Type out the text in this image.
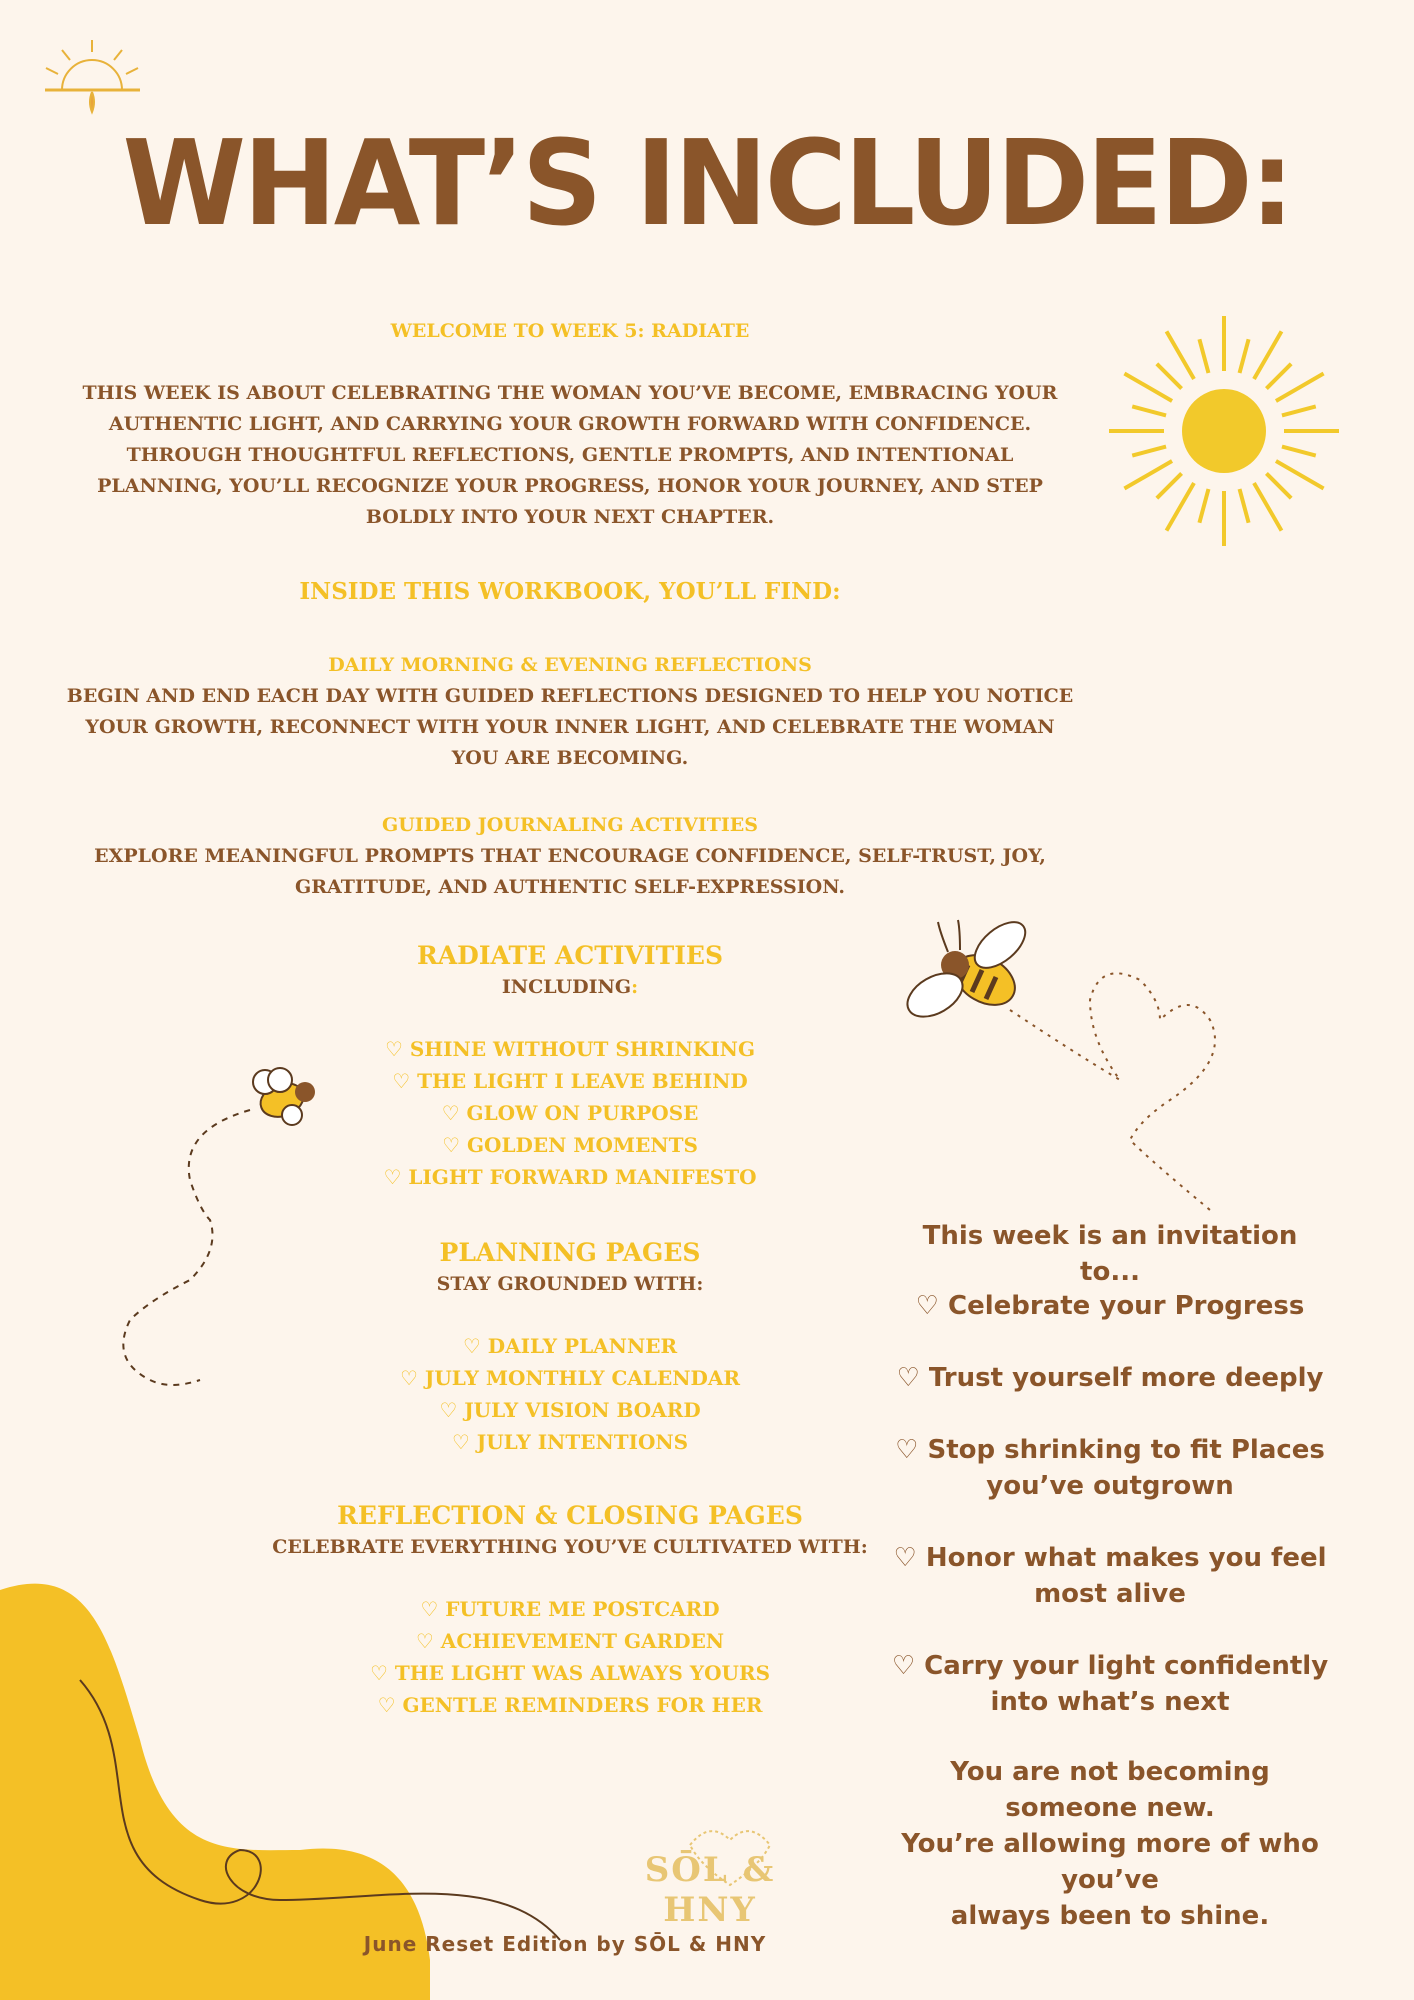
WHAT’S INCLUDED:
WELCOME TO WEEK 5: RADIATE
THIS WEEK IS ABOUT CELEBRATING THE WOMAN YOU’VE BECOME, EMBRACING YOUR
AUTHENTIC LIGHT, AND CARRYING YOUR GROWTH FORWARD WITH CONFIDENCE.
THROUGH THOUGHTFUL REFLECTIONS, GENTLE PROMPTS, AND INTENTIONAL
PLANNING, YOU’LL RECOGNIZE YOUR PROGRESS, HONOR YOUR JOURNEY, AND STEP
BOLDLY INTO YOUR NEXT CHAPTER.
INSIDE THIS WORKBOOK, YOU’LL FIND:
DAILY MORNING & EVENING REFLECTIONS
BEGIN AND END EACH DAY WITH GUIDED REFLECTIONS DESIGNED TO HELP YOU NOTICE
YOUR GROWTH, RECONNECT WITH YOUR INNER LIGHT, AND CELEBRATE THE WOMAN
YOU ARE BECOMING.
GUIDED JOURNALING ACTIVITIES
EXPLORE MEANINGFUL PROMPTS THAT ENCOURAGE CONFIDENCE, SELF-TRUST, JOY,
GRATITUDE, AND AUTHENTIC SELF-EXPRESSION.
RADIATE ACTIVITIES
INCLUDING:
♡ SHINE WITHOUT SHRINKING
♡ THE LIGHT I LEAVE BEHIND
♡ GLOW ON PURPOSE
♡ GOLDEN MOMENTS
♡ LIGHT FORWARD MANIFESTO
PLANNING PAGES
STAY GROUNDED WITH:
♡ DAILY PLANNER
♡ JULY MONTHLY CALENDAR
♡ JULY VISION BOARD
♡ JULY INTENTIONS
REFLECTION & CLOSING PAGES
CELEBRATE EVERYTHING YOU’VE CULTIVATED WITH:
♡ FUTURE ME POSTCARD
♡ ACHIEVEMENT GARDEN
♡ THE LIGHT WAS ALWAYS YOURS
♡ GENTLE REMINDERS FOR HER
This week is an invitation to...
♡ Celebrate your Progress
♡ Trust yourself more deeply
♡ Stop shrinking to fit Places
you’ve outgrown
♡ Honor what makes you feel
most alive
♡ Carry your light confidently
into what’s next
You are not becoming someone new.
You’re allowing more of who you’ve
always been to shine.
SŌL & HNY
June Reset Edition by SŌL & HNY
